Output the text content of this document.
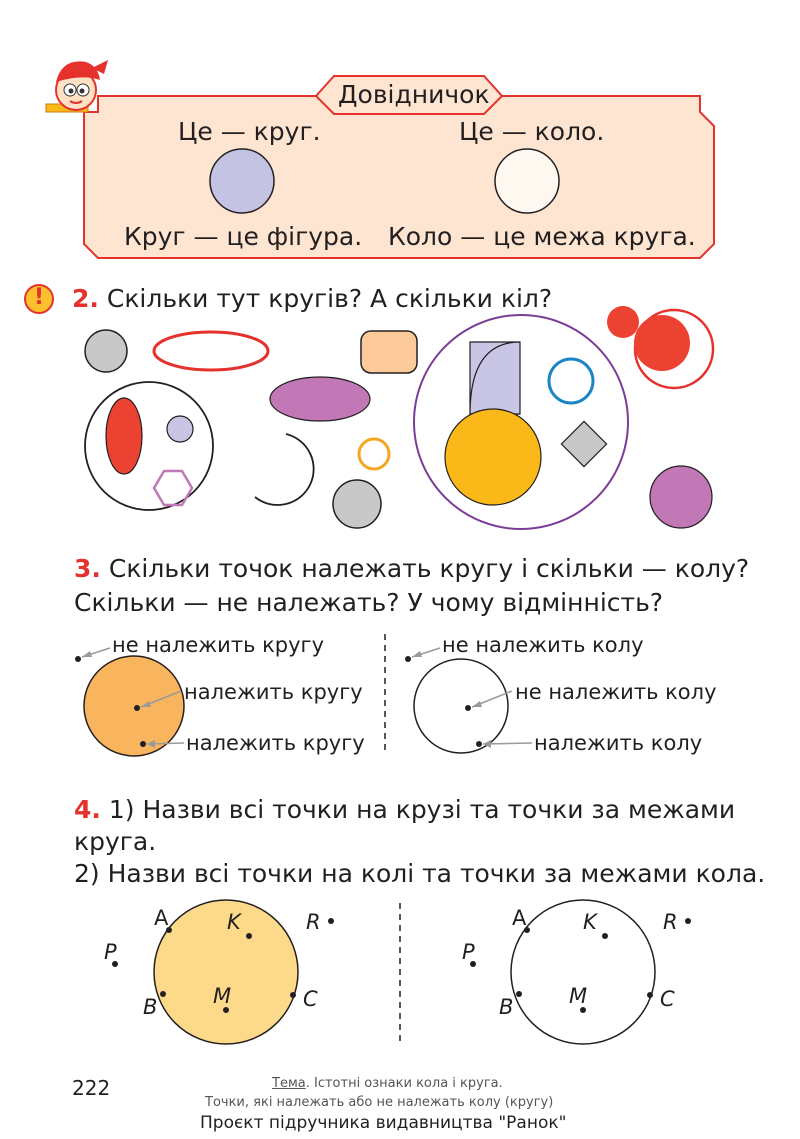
Довідничок
Це — круг.	Це — коло.
Круг — це фігура. Коло — це межа круга.
! 2. Скільки тут кругів? А скільки кіл?
3. Скільки точок належать кругу і скільки — колу?
Скільки — не належать? У чому відмінність?
не належить кругу
належить кругу
належить кругу
не належить колу
не належить колу
належить колу
4. 1) Назви всі точки на крузі та точки за межами
круга.
2) Назви всі точки на колі та точки за межами кола.
A	K	R
P
M
B	C
A	K	R
P
M
B	C
222	Тема. Істотні ознаки кола і круга.
Точки, які належать або не належать колу (кругу)
Проєкт підручника видавництва "Ранок"
